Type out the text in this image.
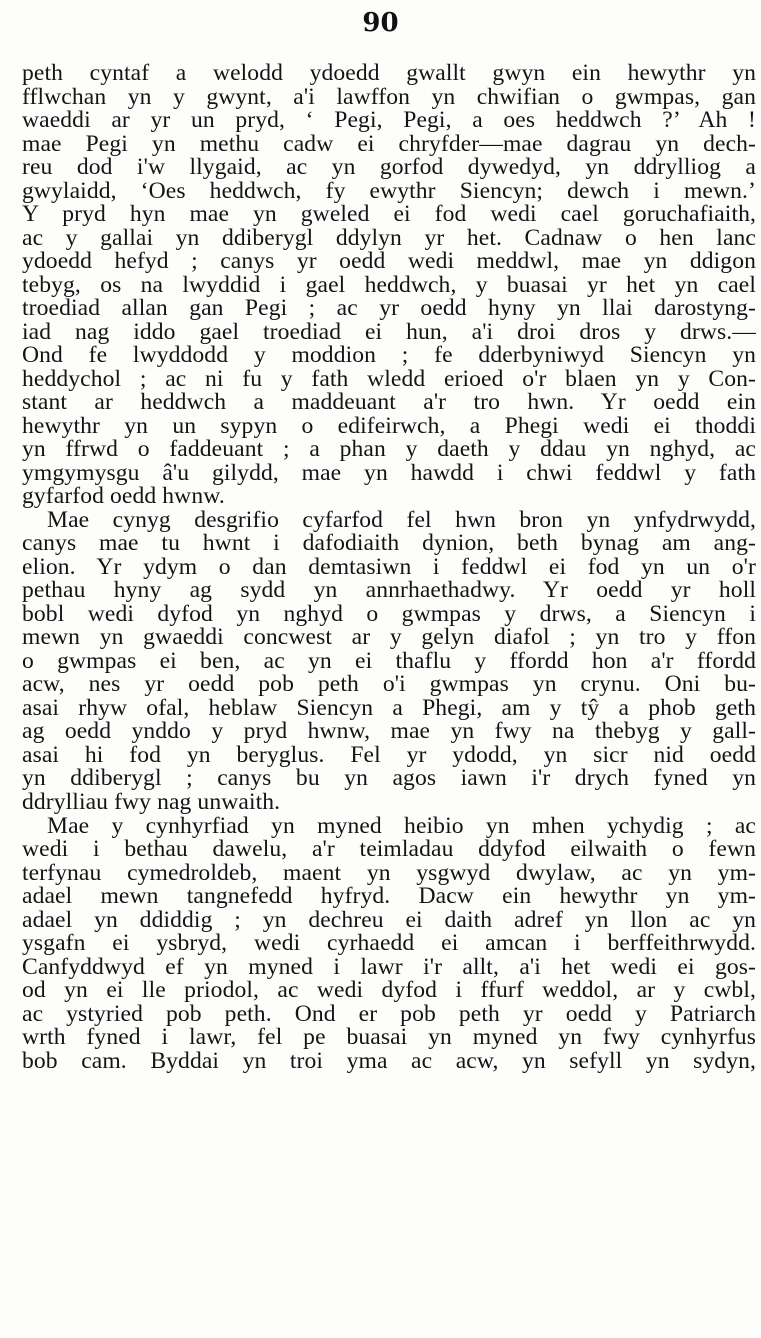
90
peth cyntaf a welodd ydoedd gwallt gwyn ein hewythr yn
fflwchan yn y gwynt, a'i lawffon yn chwifian o gwmpas, gan
waeddi ar yr un pryd, ‘ Pegi, Pegi, a oes heddwch ?’ Ah !
mae Pegi yn methu cadw ei chryfder—mae dagrau yn dech-
reu dod i'w llygaid, ac yn gorfod dywedyd, yn ddrylliog a
gwylaidd, ‘Oes heddwch, fy ewythr Siencyn; dewch i mewn.’
Y pryd hyn mae yn gweled ei fod wedi cael goruchafiaith,
ac y gallai yn ddiberygl ddylyn yr het. Cadnaw o hen lanc
ydoedd hefyd ; canys yr oedd wedi meddwl, mae yn ddigon
tebyg, os na lwyddid i gael heddwch, y buasai yr het yn cael
troediad allan gan Pegi ; ac yr oedd hyny yn llai darostyng-
iad nag iddo gael troediad ei hun, a'i droi dros y drws.—
Ond fe lwyddodd y moddion ; fe dderbyniwyd Siencyn yn
heddychol ; ac ni fu y fath wledd erioed o'r blaen yn y Con-
stant ar heddwch a maddeuant a'r tro hwn. Yr oedd ein
hewythr yn un sypyn o edifeirwch, a Phegi wedi ei thoddi
yn ffrwd o faddeuant ; a phan y daeth y ddau yn nghyd, ac
ymgymysgu â'u gilydd, mae yn hawdd i chwi feddwl y fath
gyfarfod oedd hwnw.
Mae cynyg desgrifio cyfarfod fel hwn bron yn ynfydrwydd,
canys mae tu hwnt i dafodiaith dynion, beth bynag am ang-
elion. Yr ydym o dan demtasiwn i feddwl ei fod yn un o'r
pethau hyny ag sydd yn annrhaethadwy. Yr oedd yr holl
bobl wedi dyfod yn nghyd o gwmpas y drws, a Siencyn i
mewn yn gwaeddi concwest ar y gelyn diafol ; yn tro y ffon
o gwmpas ei ben, ac yn ei thaflu y ffordd hon a'r ffordd
acw, nes yr oedd pob peth o'i gwmpas yn crynu. Oni bu-
asai rhyw ofal, heblaw Siencyn a Phegi, am y tŷ a phob geth
ag oedd ynddo y pryd hwnw, mae yn fwy na thebyg y gall-
asai hi fod yn beryglus. Fel yr ydodd, yn sicr nid oedd
yn ddiberygl ; canys bu yn agos iawn i'r drych fyned yn
ddrylliau fwy nag unwaith.
Mae y cynhyrfiad yn myned heibio yn mhen ychydig ; ac
wedi i bethau dawelu, a'r teimladau ddyfod eilwaith o fewn
terfynau cymedroldeb, maent yn ysgwyd dwylaw, ac yn ym-
adael mewn tangnefedd hyfryd. Dacw ein hewythr yn ym-
adael yn ddiddig ; yn dechreu ei daith adref yn llon ac yn
ysgafn ei ysbryd, wedi cyrhaedd ei amcan i berffeithrwydd.
Canfyddwyd ef yn myned i lawr i'r allt, a'i het wedi ei gos-
od yn ei lle priodol, ac wedi dyfod i ffurf weddol, ar y cwbl,
ac ystyried pob peth. Ond er pob peth yr oedd y Patriarch
wrth fyned i lawr, fel pe buasai yn myned yn fwy cynhyrfus
bob cam. Byddai yn troi yma ac acw, yn sefyll yn sydyn,
